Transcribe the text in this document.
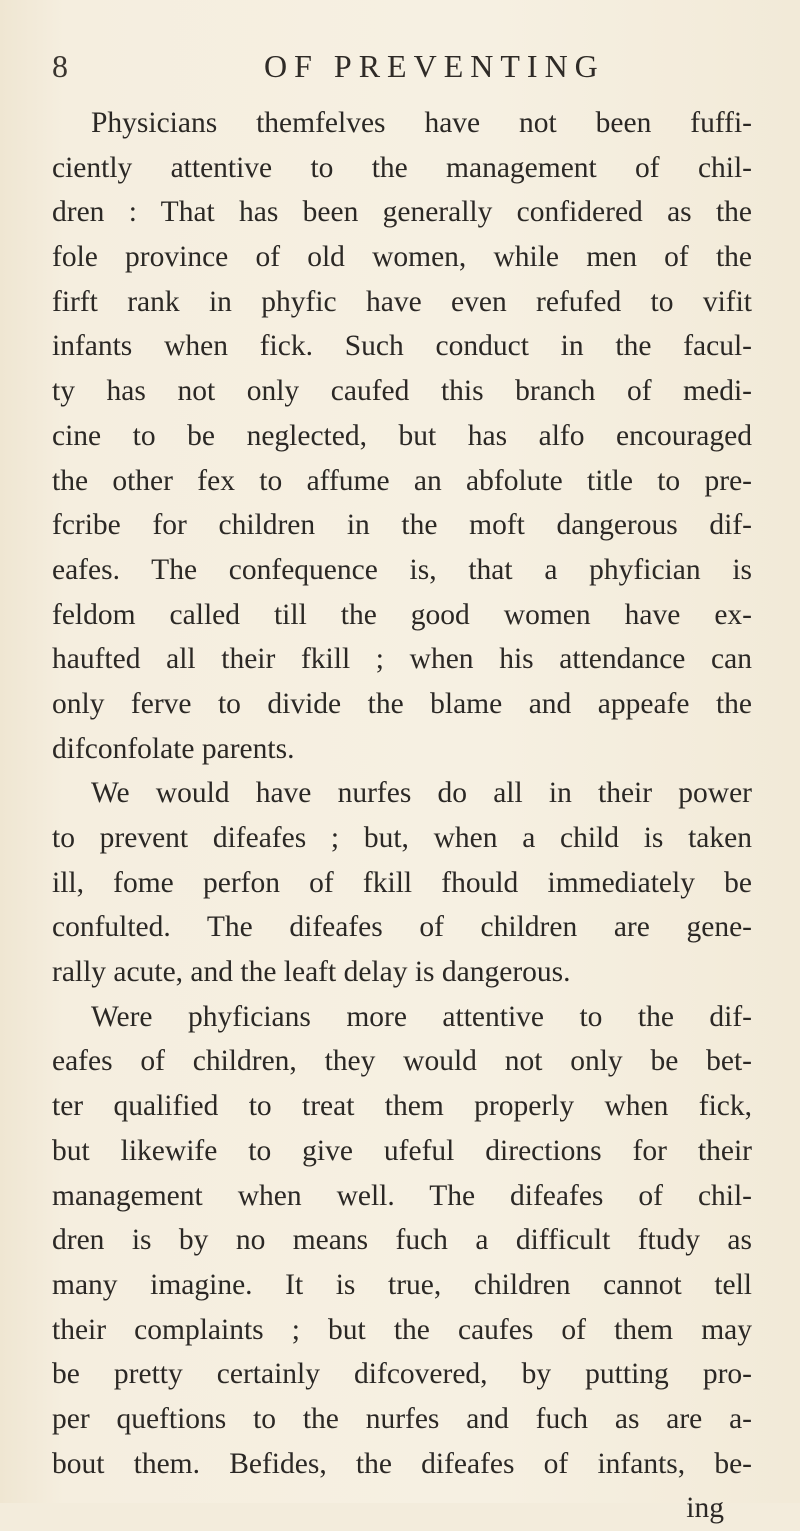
8	OF PREVENTING
Physicians themfelves have not been fuffi-
ciently attentive to the management of chil-
dren : That has been generally confidered as the
fole province of old women, while men of the
firft rank in phyfic have even refufed to vifit
infants when fick. Such conduct in the facul-
ty has not only caufed this branch of medi-
cine to be neglected, but has alfo encouraged
the other fex to affume an abfolute title to pre-
fcribe for children in the moft dangerous dif-
eafes. The confequence is, that a phyfician is
feldom called till the good women have ex-
haufted all their fkill ; when his attendance can
only ferve to divide the blame and appeafe the
difconfolate parents.
We would have nurfes do all in their power
to prevent difeafes ; but, when a child is taken
ill, fome perfon of fkill fhould immediately be
confulted. The difeafes of children are gene-
rally acute, and the leaft delay is dangerous.
Were phyficians more attentive to the dif-
eafes of children, they would not only be bet-
ter qualified to treat them properly when fick,
but likewife to give ufeful directions for their
management when well. The difeafes of chil-
dren is by no means fuch a difficult ftudy as
many imagine. It is true, children cannot tell
their complaints ; but the caufes of them may
be pretty certainly difcovered, by putting pro-
per queftions to the nurfes and fuch as are a-
bout them. Befides, the difeafes of infants, be-
ing
